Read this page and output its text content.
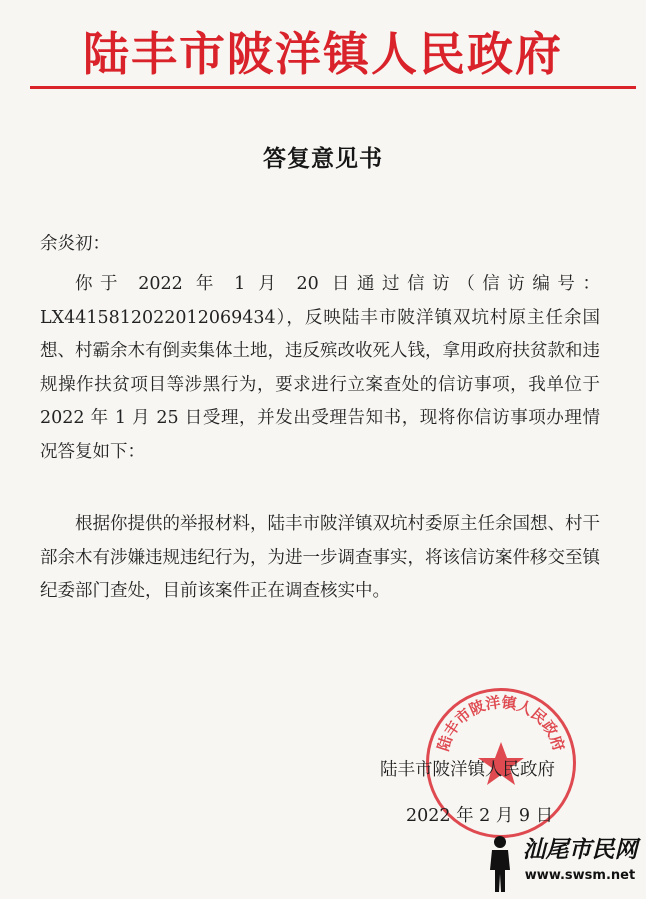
陆丰市陂洋镇人民政府
答复意见书
余炎初：
你于 2022 年 1 月 20 日通过信访（信访编号：LX44158120220120694​34），反映陆丰市陂洋镇双坑村原主任余国想、村霸余木有倒卖集体土地，违反殡改收死人钱，拿用政府扶贫款和违规操作扶贫项目等涉黑行为，要求进行立案查处的信访事项，我单位于 2022 年 1 月 25 日受理，并发出受理告知书，现将你信访事项办理情况答复如下：
根据你提供的举报材料，陆丰市陂洋镇双坑村委原主任余国想、村干部余木有涉嫌违规违纪行为，为进一步调查事实，将该信访案件移交至镇纪委部门查处，目前该案件正在调查核实中。
陆丰市陂洋镇人民政府
陆丰市陂洋镇人民政府
2022 年 2 月 9 日
汕尾市民网
www.swsm.net
